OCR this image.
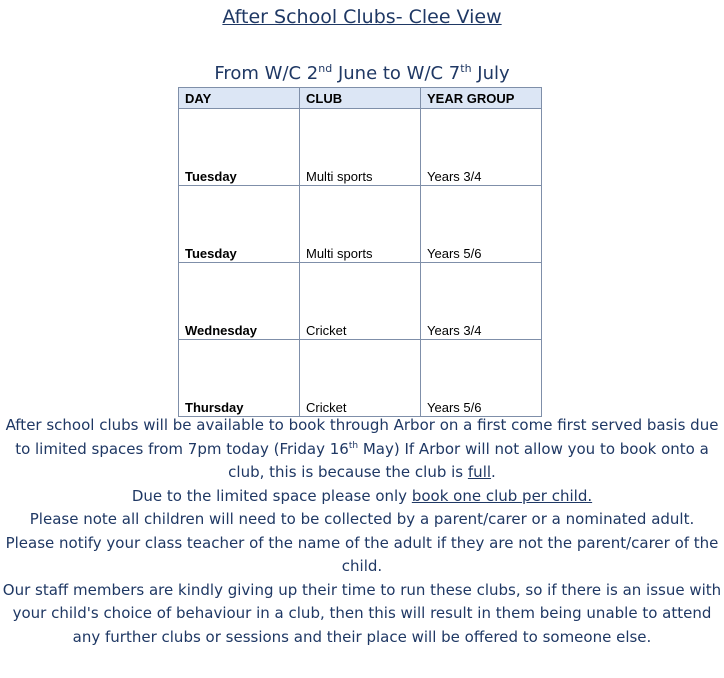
After School Clubs- Clee View
From W/C 2nd June to W/C 7th July
DAY	CLUB	YEAR GROUP
Tuesday	Multi sports	Years 3/4
Tuesday	Multi sports	Years 5/6
Wednesday	Cricket	Years 3/4
Thursday	Cricket	Years 5/6

After school clubs will be available to book through Arbor on a first come first served basis due to limited spaces from 7pm today (Friday 16th May) If Arbor will not allow you to book onto a club, this is because the club is full.

Due to the limited space please only book one club per child.

Please note all children will need to be collected by a parent/carer or a nominated adult.

Please notify your class teacher of the name of the adult if they are not the parent/carer of the child.

Our staff members are kindly giving up their time to run these clubs, so if there is an issue with your child's choice of behaviour in a club, then this will result in them being unable to attend any further clubs or sessions and their place will be offered to someone else.
